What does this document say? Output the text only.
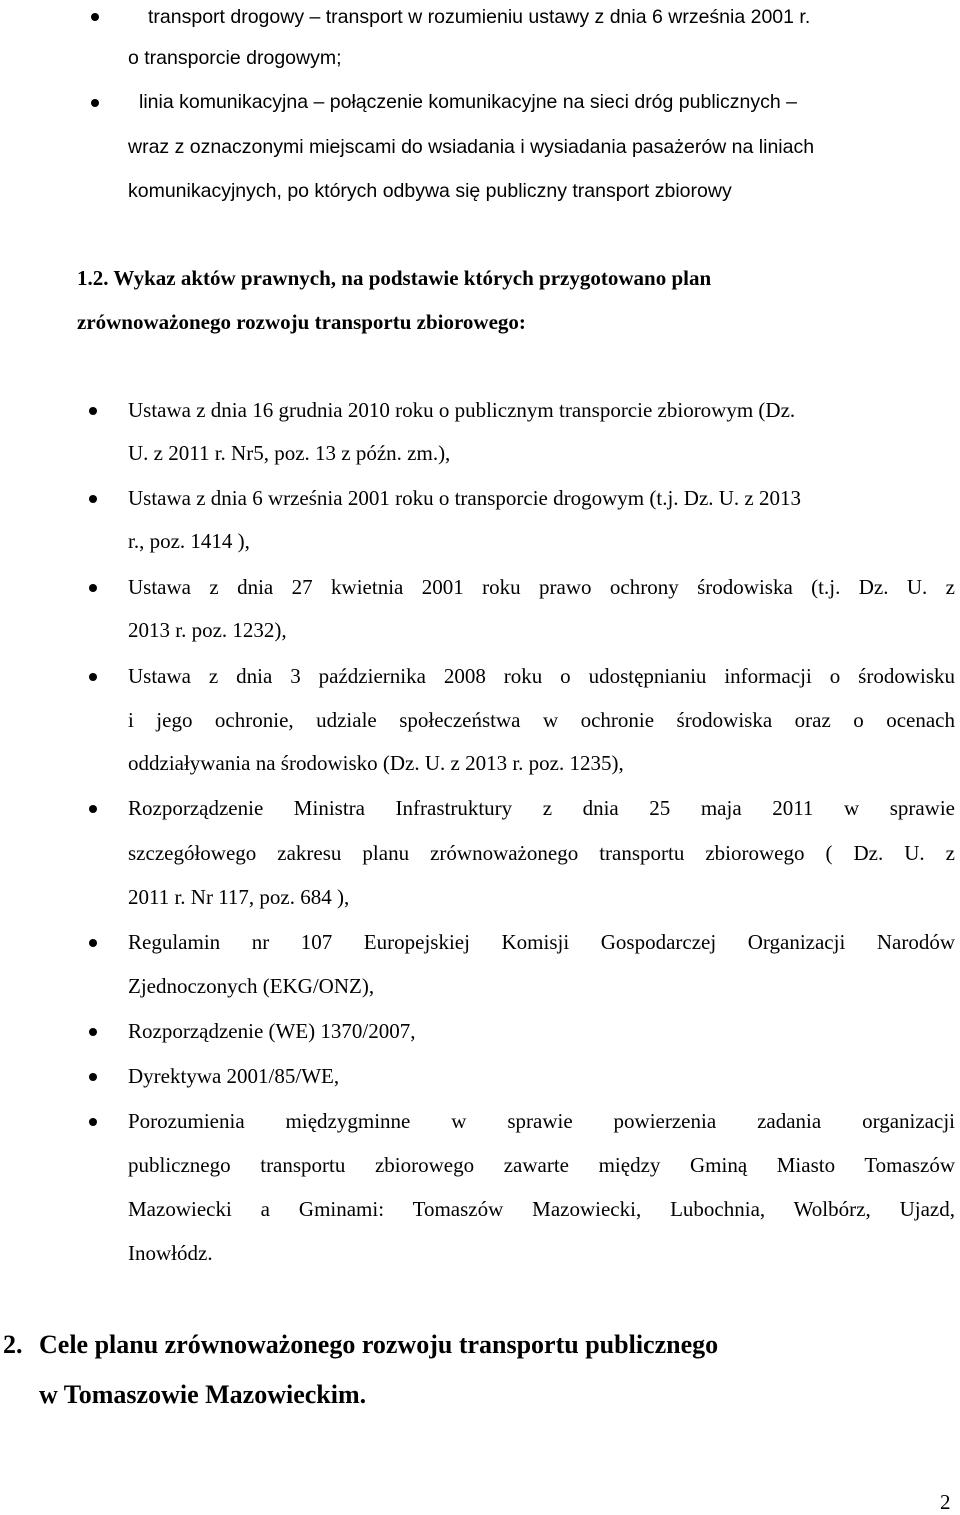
transport drogowy – transport w rozumieniu ustawy z dnia 6 września 2001 r.
o transporcie drogowym;
linia komunikacyjna – połączenie komunikacyjne na sieci dróg publicznych –
wraz z oznaczonymi miejscami do wsiadania i wysiadania pasażerów na liniach
komunikacyjnych, po których odbywa się publiczny transport zbiorowy
1.2. Wykaz aktów prawnych, na podstawie których przygotowano plan
zrównoważonego rozwoju transportu zbiorowego:
Ustawa z dnia 16 grudnia 2010 roku o publicznym transporcie zbiorowym (Dz.
U. z 2011 r. Nr5, poz. 13 z późn. zm.),
Ustawa z dnia 6 września 2001 roku o transporcie drogowym (t.j. Dz. U. z 2013
r., poz. 1414 ),
Ustawa z dnia 27 kwietnia 2001 roku prawo ochrony środowiska (t.j. Dz. U. z
2013 r. poz. 1232),
Ustawa z dnia 3 października 2008 roku o udostępnianiu informacji o środowisku
i jego ochronie, udziale społeczeństwa w ochronie środowiska oraz o ocenach
oddziaływania na środowisko (Dz. U. z 2013 r. poz. 1235),
Rozporządzenie Ministra Infrastruktury z dnia 25 maja 2011 w sprawie
szczegółowego zakresu planu zrównoważonego transportu zbiorowego ( Dz. U. z
2011 r. Nr 117, poz. 684 ),
Regulamin nr 107 Europejskiej Komisji Gospodarczej Organizacji Narodów
Zjednoczonych (EKG/ONZ),
Rozporządzenie (WE) 1370/2007,
Dyrektywa 2001/85/WE,
Porozumienia międzygminne w sprawie powierzenia zadania organizacji
publicznego transportu zbiorowego zawarte między Gminą Miasto Tomaszów
Mazowiecki a Gminami: Tomaszów Mazowiecki, Lubochnia, Wolbórz, Ujazd,
Inowłódz.
2. Cele planu zrównoważonego rozwoju transportu publicznego
w Tomaszowie Mazowieckim.
2
